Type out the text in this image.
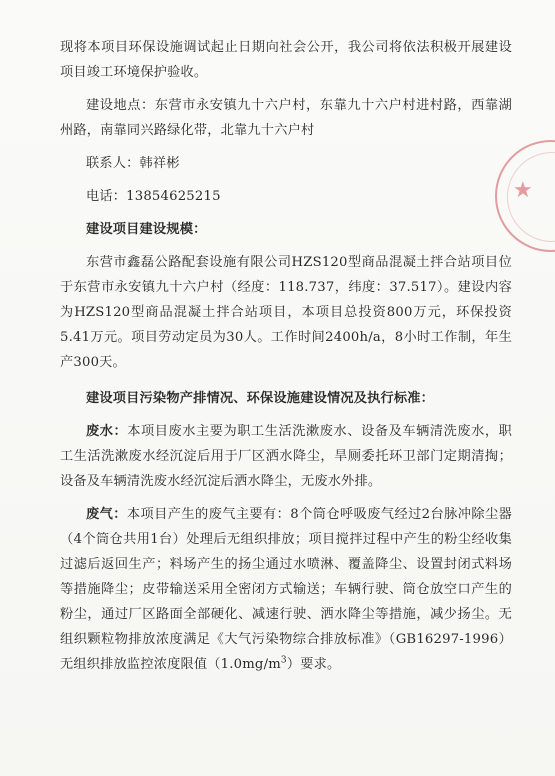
★

现将本项目环保设施调试起止日期向社会公开，我公司将依法积极开展建设项目竣工环境保护验收。

建设地点：东营市永安镇九十六户村，东靠九十六户村进村路，西靠湖州路，南靠同兴路绿化带，北靠九十六户村

联系人：韩祥彬

电话：13854625215

建设项目建设规模：

东营市鑫磊公路配套设施有限公司HZS120型商品混凝土拌合站项目位于东营市永安镇九十六户村（经度：118.737，纬度：37.517）。建设内容为HZS120型商品混凝土拌合站项目，本项目总投资800万元，环保投资5.41万元。项目劳动定员为30人。工作时间2400h/a，8小时工作制，年生产300天。

建设项目污染物产排情况、环保设施建设情况及执行标准：

废水：本项目废水主要为职工生活洗漱废水、设备及车辆清洗废水，职工生活洗漱废水经沉淀后用于厂区洒水降尘，旱厕委托环卫部门定期清掏；设备及车辆清洗废水经沉淀后洒水降尘，无废水外排。

废气：本项目产生的废气主要有：8个筒仓呼吸废气经过2台脉冲除尘器（4个筒仓共用1台）处理后无组织排放；项目搅拌过程中产生的粉尘经收集过滤后返回生产；料场产生的扬尘通过水喷淋、覆盖降尘、设置封闭式料场等措施降尘；皮带输送采用全密闭方式输送；车辆行驶、筒仓放空口产生的粉尘，通过厂区路面全部硬化、减速行驶、洒水降尘等措施，减少扬尘。无组织颗粒物排放浓度满足《大气污染物综合排放标准》（GB16297-1996）无组织排放监控浓度限值$(1.0mg/m^3)$要求。
